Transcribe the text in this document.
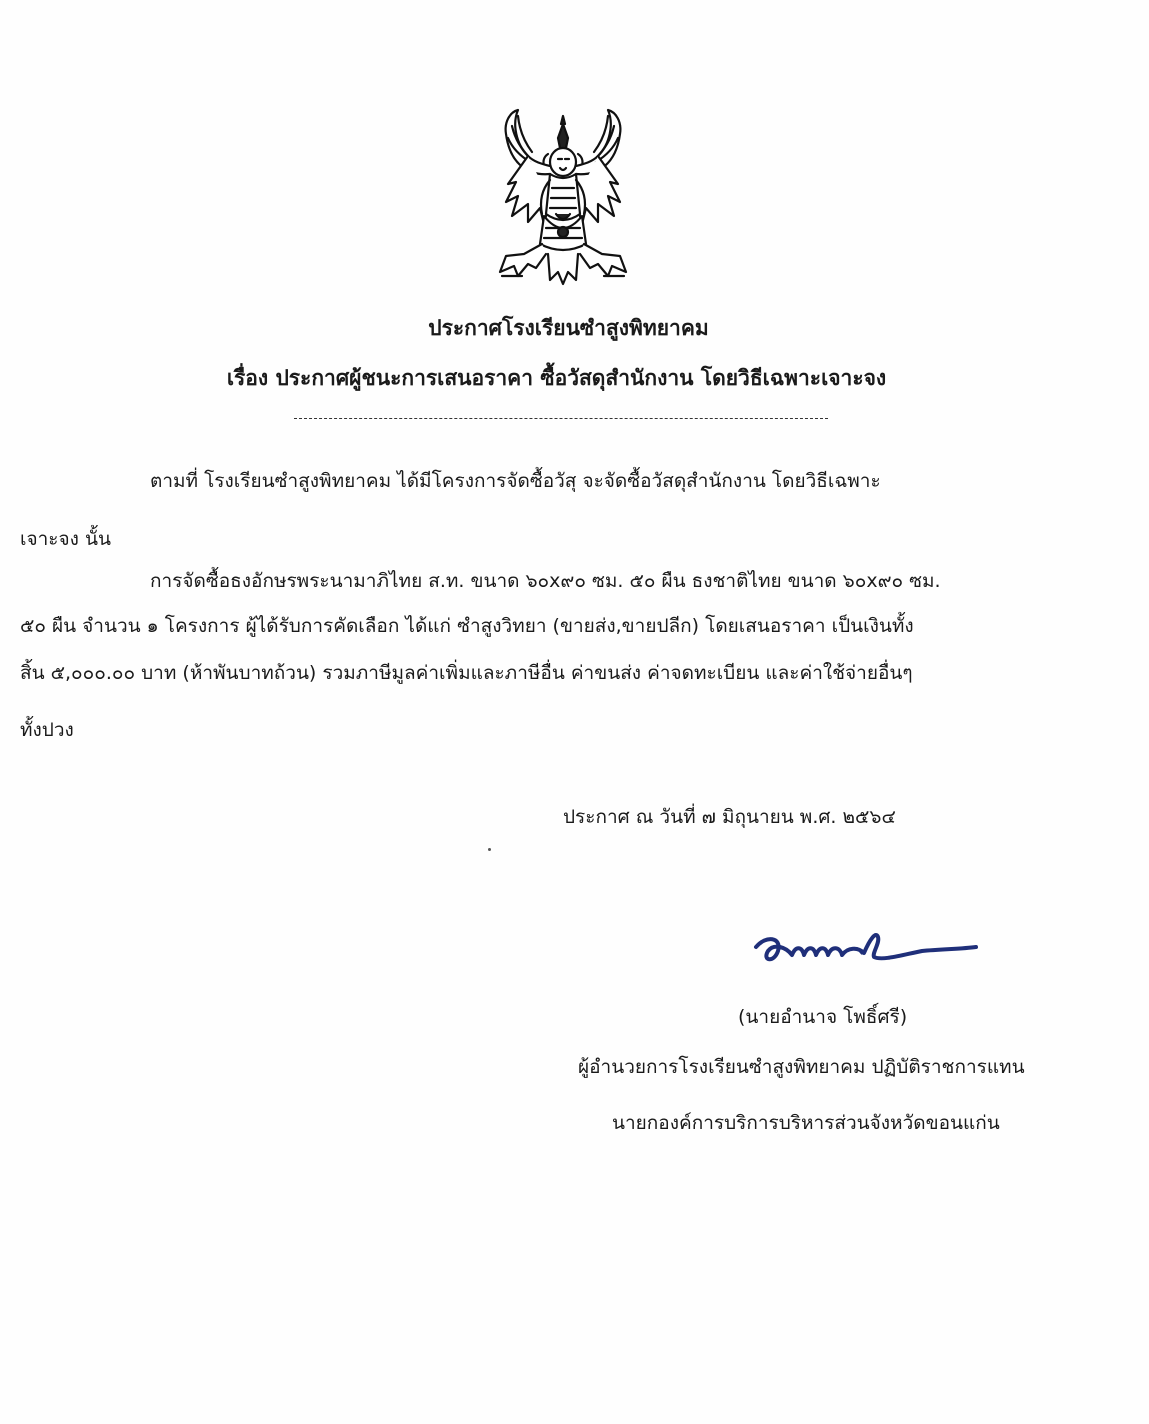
ประกาศโรงเรียนซำสูงพิทยาคม
เรื่อง ประกาศผู้ชนะการเสนอราคา ซื้อวัสดุสำนักงาน โดยวิธีเฉพาะเจาะจง
ตามที่ โรงเรียนซำสูงพิทยาคม ได้มีโครงการจัดซื้อวัสุ จะจัดซื้อวัสดุสำนักงาน โดยวิธีเฉพาะ
เจาะจง นั้น
การจัดซื้อธงอักษรพระนามาภิไทย ส.ท. ขนาด ๖๐x๙๐ ซม. ๕๐ ผืน ธงชาติไทย ขนาด ๖๐x๙๐ ซม.
๕๐ ผืน จำนวน ๑ โครงการ ผู้ได้รับการคัดเลือก ได้แก่ ซำสูงวิทยา (ขายส่ง,ขายปลีก) โดยเสนอราคา เป็นเงินทั้ง
สิ้น ๕,๐๐๐.๐๐ บาท (ห้าพันบาทถ้วน) รวมภาษีมูลค่าเพิ่มและภาษีอื่น ค่าขนส่ง ค่าจดทะเบียน และค่าใช้จ่ายอื่นๆ
ทั้งปวง
ประกาศ ณ วันที่ ๗ มิถุนายน พ.ศ. ๒๕๖๔
(นายอำนาจ โพธิ์ศรี)
ผู้อำนวยการโรงเรียนซำสูงพิทยาคม ปฏิบัติราชการแทน
นายกองค์การบริการบริหารส่วนจังหวัดขอนแก่น
